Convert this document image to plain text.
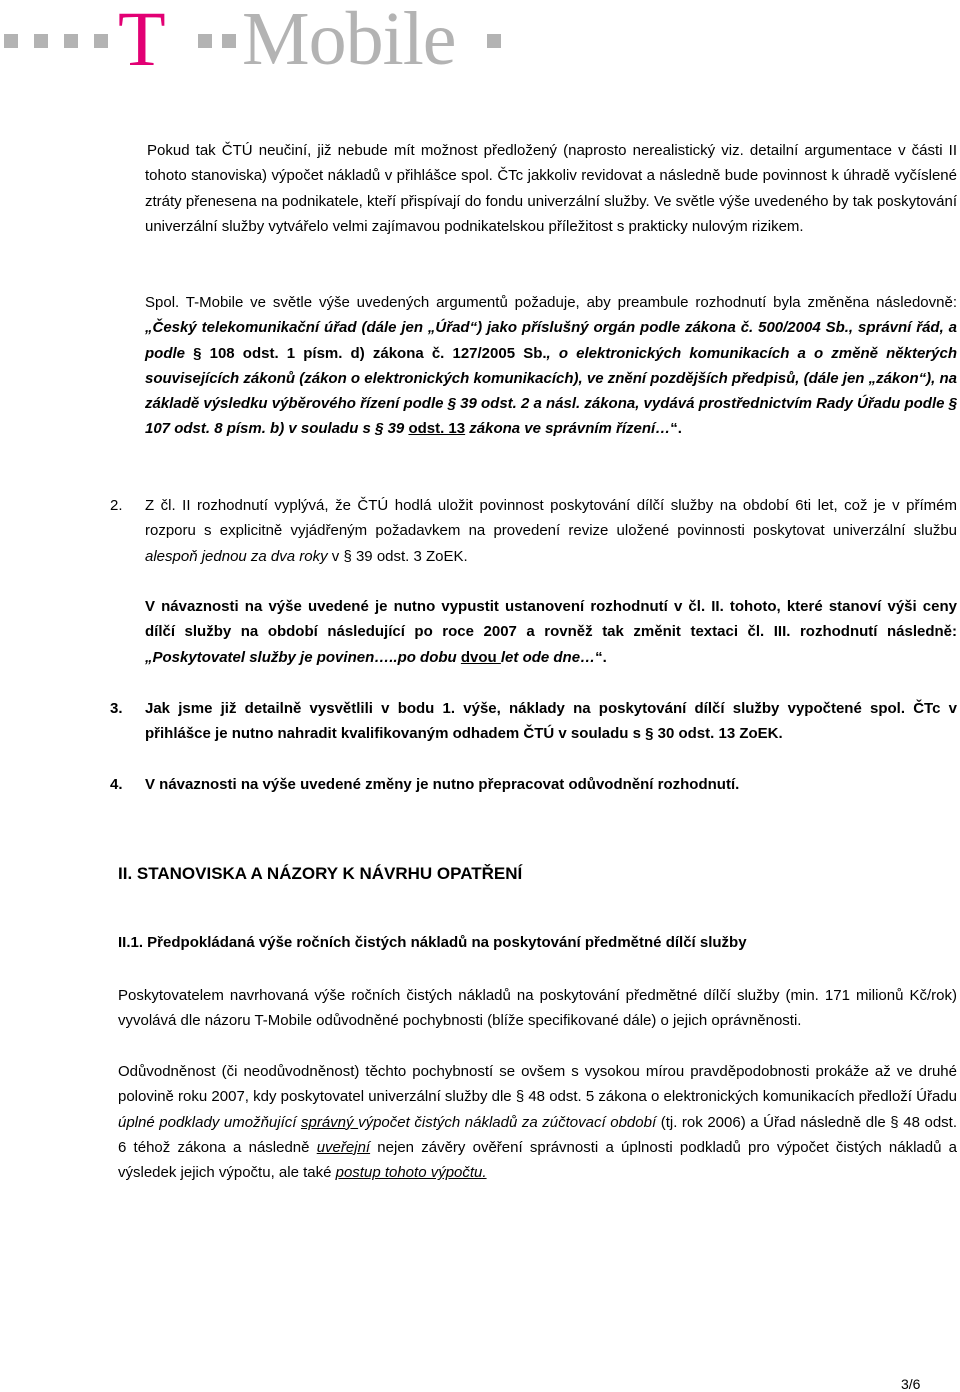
T Mobile

Pokud tak ČTÚ neučiní, již nebude mít možnost předložený (naprosto nerealistický viz. detailní argumentace v části II tohoto stanoviska) výpočet nákladů v přihlášce spol. ČTc jakkoliv revidovat a následně bude povinnost k úhradě vyčíslené ztráty přenesena na podnikatele, kteří přispívají do fondu univerzální služby. Ve světle výše uvedeného by tak poskytování univerzální služby vytvářelo velmi zajímavou podnikatelskou příležitost s prakticky nulovým rizikem.

Spol. T-Mobile ve světle výše uvedených argumentů požaduje, aby preambule rozhodnutí byla změněna následovně: „Český telekomunikační úřad (dále jen „Úřad“) jako příslušný orgán podle zákona č. 500/2004 Sb., správní řád, a podle § 108 odst. 1 písm. d) zákona č. 127/2005 Sb., o elektronických komunikacích a o změně některých souvisejících zákonů (zákon o elektronických komunikacích), ve znění pozdějších předpisů, (dále jen „zákon“), na základě výsledku výběrového řízení podle § 39 odst. 2 a násl. zákona, vydává prostřednictvím Rady Úřadu podle § 107 odst. 8 písm. b) v souladu s § 39 odst. 13 zákona ve správním řízení…“.

2. Z čl. II rozhodnutí vyplývá, že ČTÚ hodlá uložit povinnost poskytování dílčí služby na období 6ti let, což je v přímém rozporu s explicitně vyjádřeným požadavkem na provedení revize uložené povinnosti poskytovat univerzální službu alespoň jednou za dva roky v § 39 odst. 3 ZoEK.

V návaznosti na výše uvedené je nutno vypustit ustanovení rozhodnutí v čl. II. tohoto, které stanoví výši ceny dílčí služby na období následující po roce 2007 a rovněž tak změnit textaci čl. III. rozhodnutí následně: „Poskytovatel služby je povinen…..po dobu dvou let ode dne…“.

3. Jak jsme již detailně vysvětlili v bodu 1. výše, náklady na poskytování dílčí služby vypočtené spol. ČTc v přihlášce je nutno nahradit kvalifikovaným odhadem ČTÚ v souladu s § 30 odst. 13 ZoEK.

4. V návaznosti na výše uvedené změny je nutno přepracovat odůvodnění rozhodnutí.

II. STANOVISKA A NÁZORY K NÁVRHU OPATŘENÍ
II.1. Předpokládaná výše ročních čistých nákladů na poskytování předmětné dílčí služby

Poskytovatelem navrhovaná výše ročních čistých nákladů na poskytování předmětné dílčí služby (min. 171 milionů Kč/rok) vyvolává dle názoru T-Mobile odůvodněné pochybnosti (blíže specifikované dále) o jejich oprávněnosti.

Odůvodněnost (či neodůvodněnost) těchto pochybností se ovšem s vysokou mírou pravděpodobnosti prokáže až ve druhé polovině roku 2007, kdy poskytovatel univerzální služby dle § 48 odst. 5 zákona o elektronických komunikacích předloží Úřadu úplné podklady umožňující správný výpočet čistých nákladů za zúčtovací období (tj. rok 2006) a Úřad následně dle § 48 odst. 6 téhož zákona a následně uveřejní nejen závěry ověření správnosti a úplnosti podkladů pro výpočet čistých nákladů a výsledek jejich výpočtu, ale také postup tohoto výpočtu.

3/6
